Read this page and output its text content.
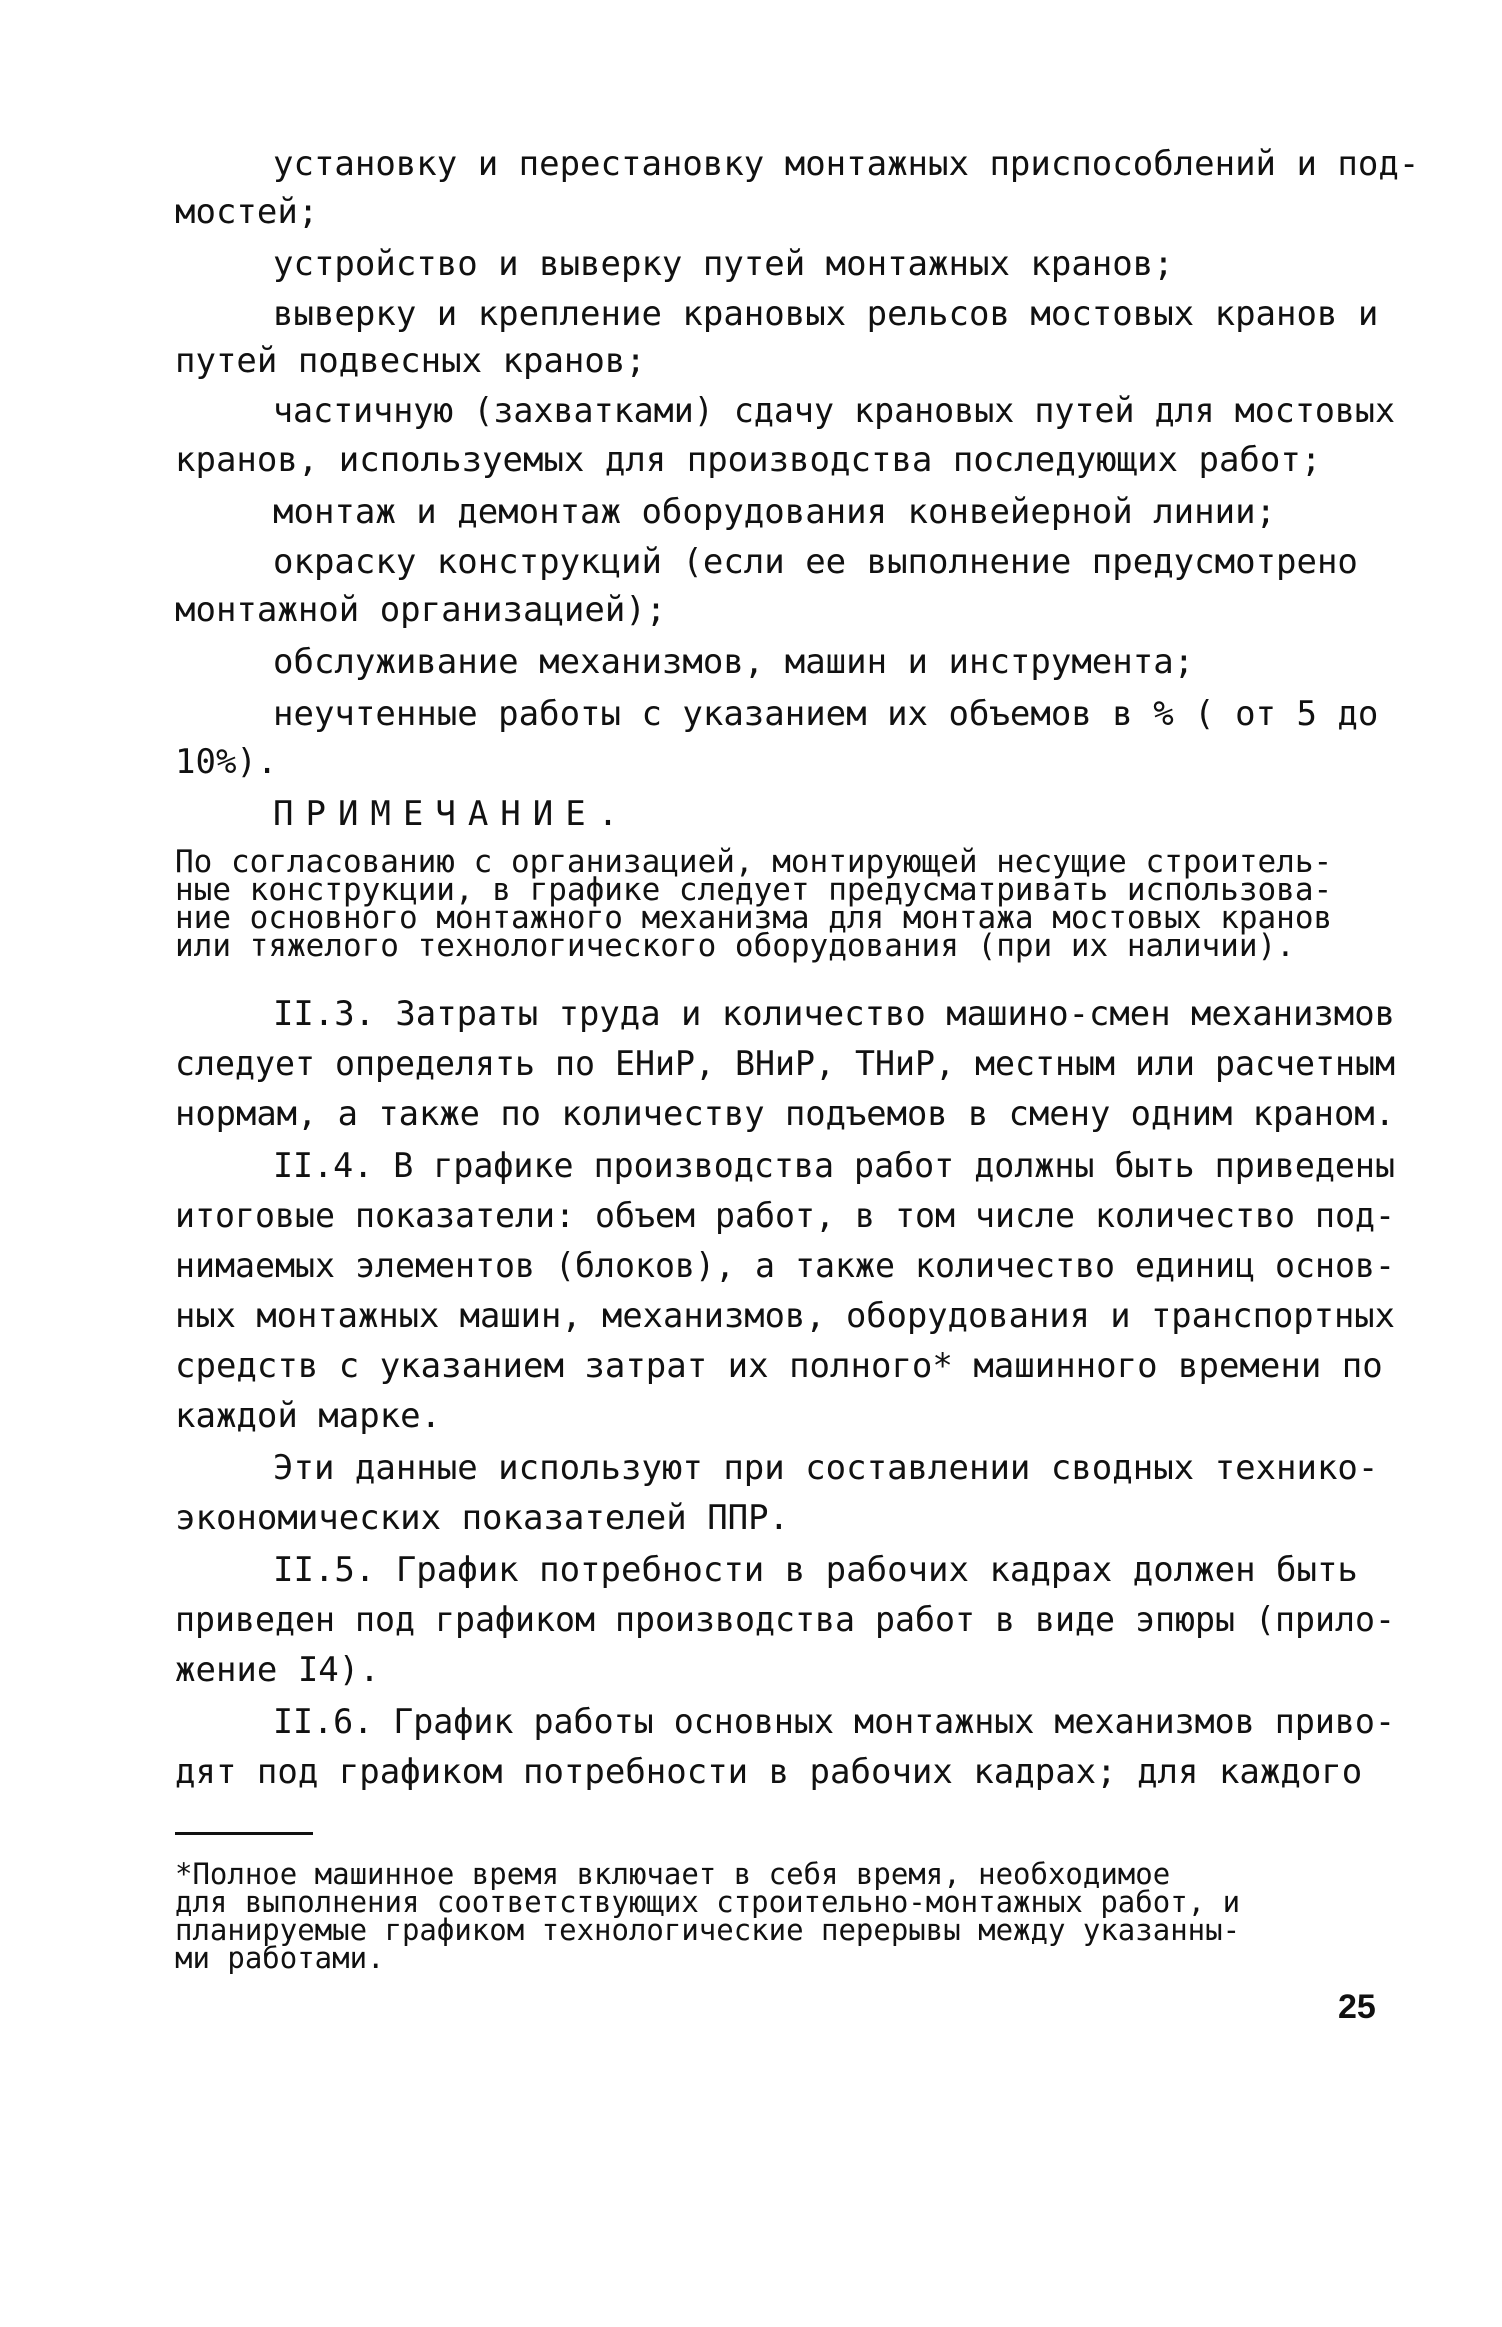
установку и перестановку монтажных приспособлений и под-
мостей;
устройство и выверку путей монтажных кранов;
выверку и крепление крановых рельсов мостовых кранов и
путей подвесных кранов;
частичную (захватками) сдачу крановых путей для мостовых
кранов, используемых для производства последующих работ;
монтаж и демонтаж оборудования конвейерной линии;
окраску конструкций (если ее выполнение предусмотрено
монтажной организацией);
обслуживание механизмов, машин и инструмента;
неучтенные работы с указанием их объемов в % ( от 5 до
10%).
ПРИМЕЧАНИЕ.
По согласованию с организацией, монтирующей несущие строитель-
ные конструкции, в графике следует предусматривать использова-
ние основного монтажного механизма для монтажа мостовых кранов
или тяжелого технологического оборудования (при их наличии).
II.3. Затраты труда и количество машино-смен механизмов
следует определять по ЕНиР, ВНиР, ТНиР, местным или расчетным
нормам, а также по количеству подъемов в смену одним краном.
II.4. В графике производства работ должны быть приведены
итоговые показатели: объем работ, в том числе количество под-
нимаемых элементов (блоков), а также количество единиц основ-
ных монтажных машин, механизмов, оборудования и транспортных
средств с указанием затрат их полного* машинного времени по
каждой марке.
Эти данные используют при составлении сводных технико-
экономических показателей ППР.
II.5. График потребности в рабочих кадрах должен быть
приведен под графиком производства работ в виде эпюры (прило-
жение I4).
II.6. График работы основных монтажных механизмов приво-
дят под графиком потребности в рабочих кадрах; для каждого
*Полное машинное время включает в себя время, необходимое
для выполнения соответствующих строительно-монтажных работ, и
планируемые графиком технологические перерывы между указанны-
ми работами.
25
